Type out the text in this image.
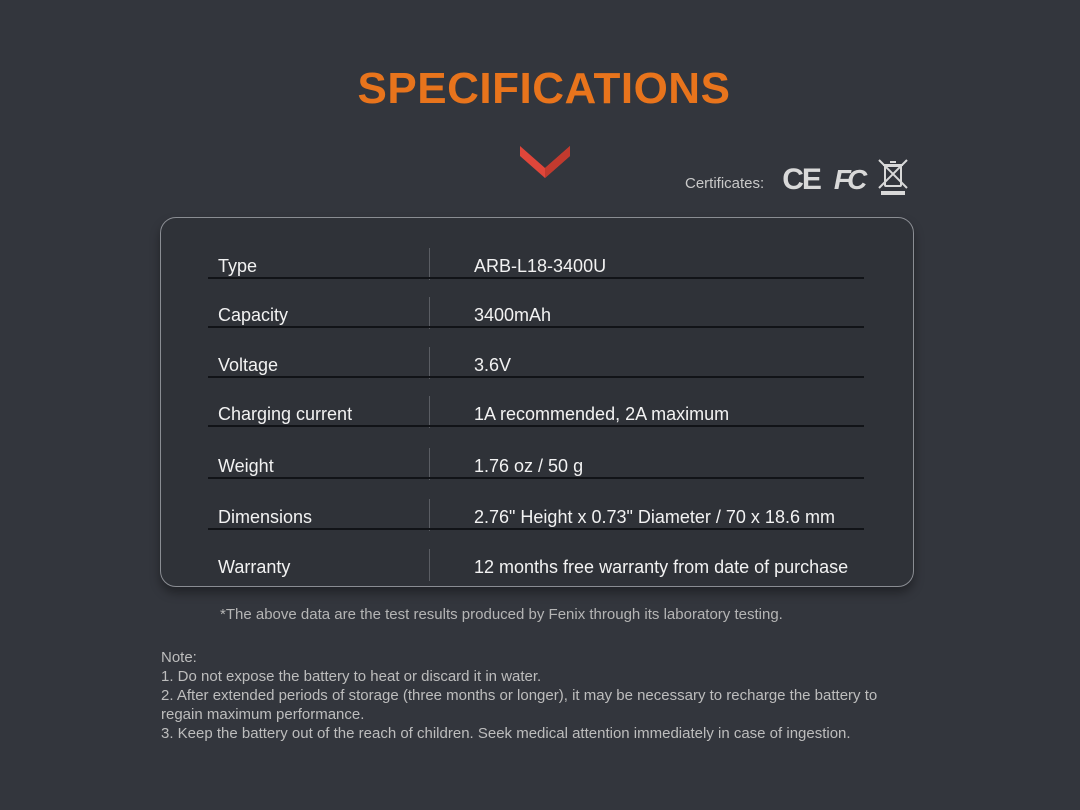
SPECIFICATIONS
Certificates: CE FC
Type	ARB-L18-3400U
Capacity	3400mAh
Voltage	3.6V
Charging current	1A recommended, 2A maximum
Weight	1.76 oz / 50 g
Dimensions	2.76" Height x 0.73" Diameter / 70 x 18.6 mm
Warranty	12 months free warranty from date of purchase
*The above data are the test results produced by Fenix through its laboratory testing.
Note:
1. Do not expose the battery to heat or discard it in water.
2. After extended periods of storage (three months or longer), it may be necessary to recharge the battery to
regain maximum performance.
3. Keep the battery out of the reach of children. Seek medical attention immediately in case of ingestion.
